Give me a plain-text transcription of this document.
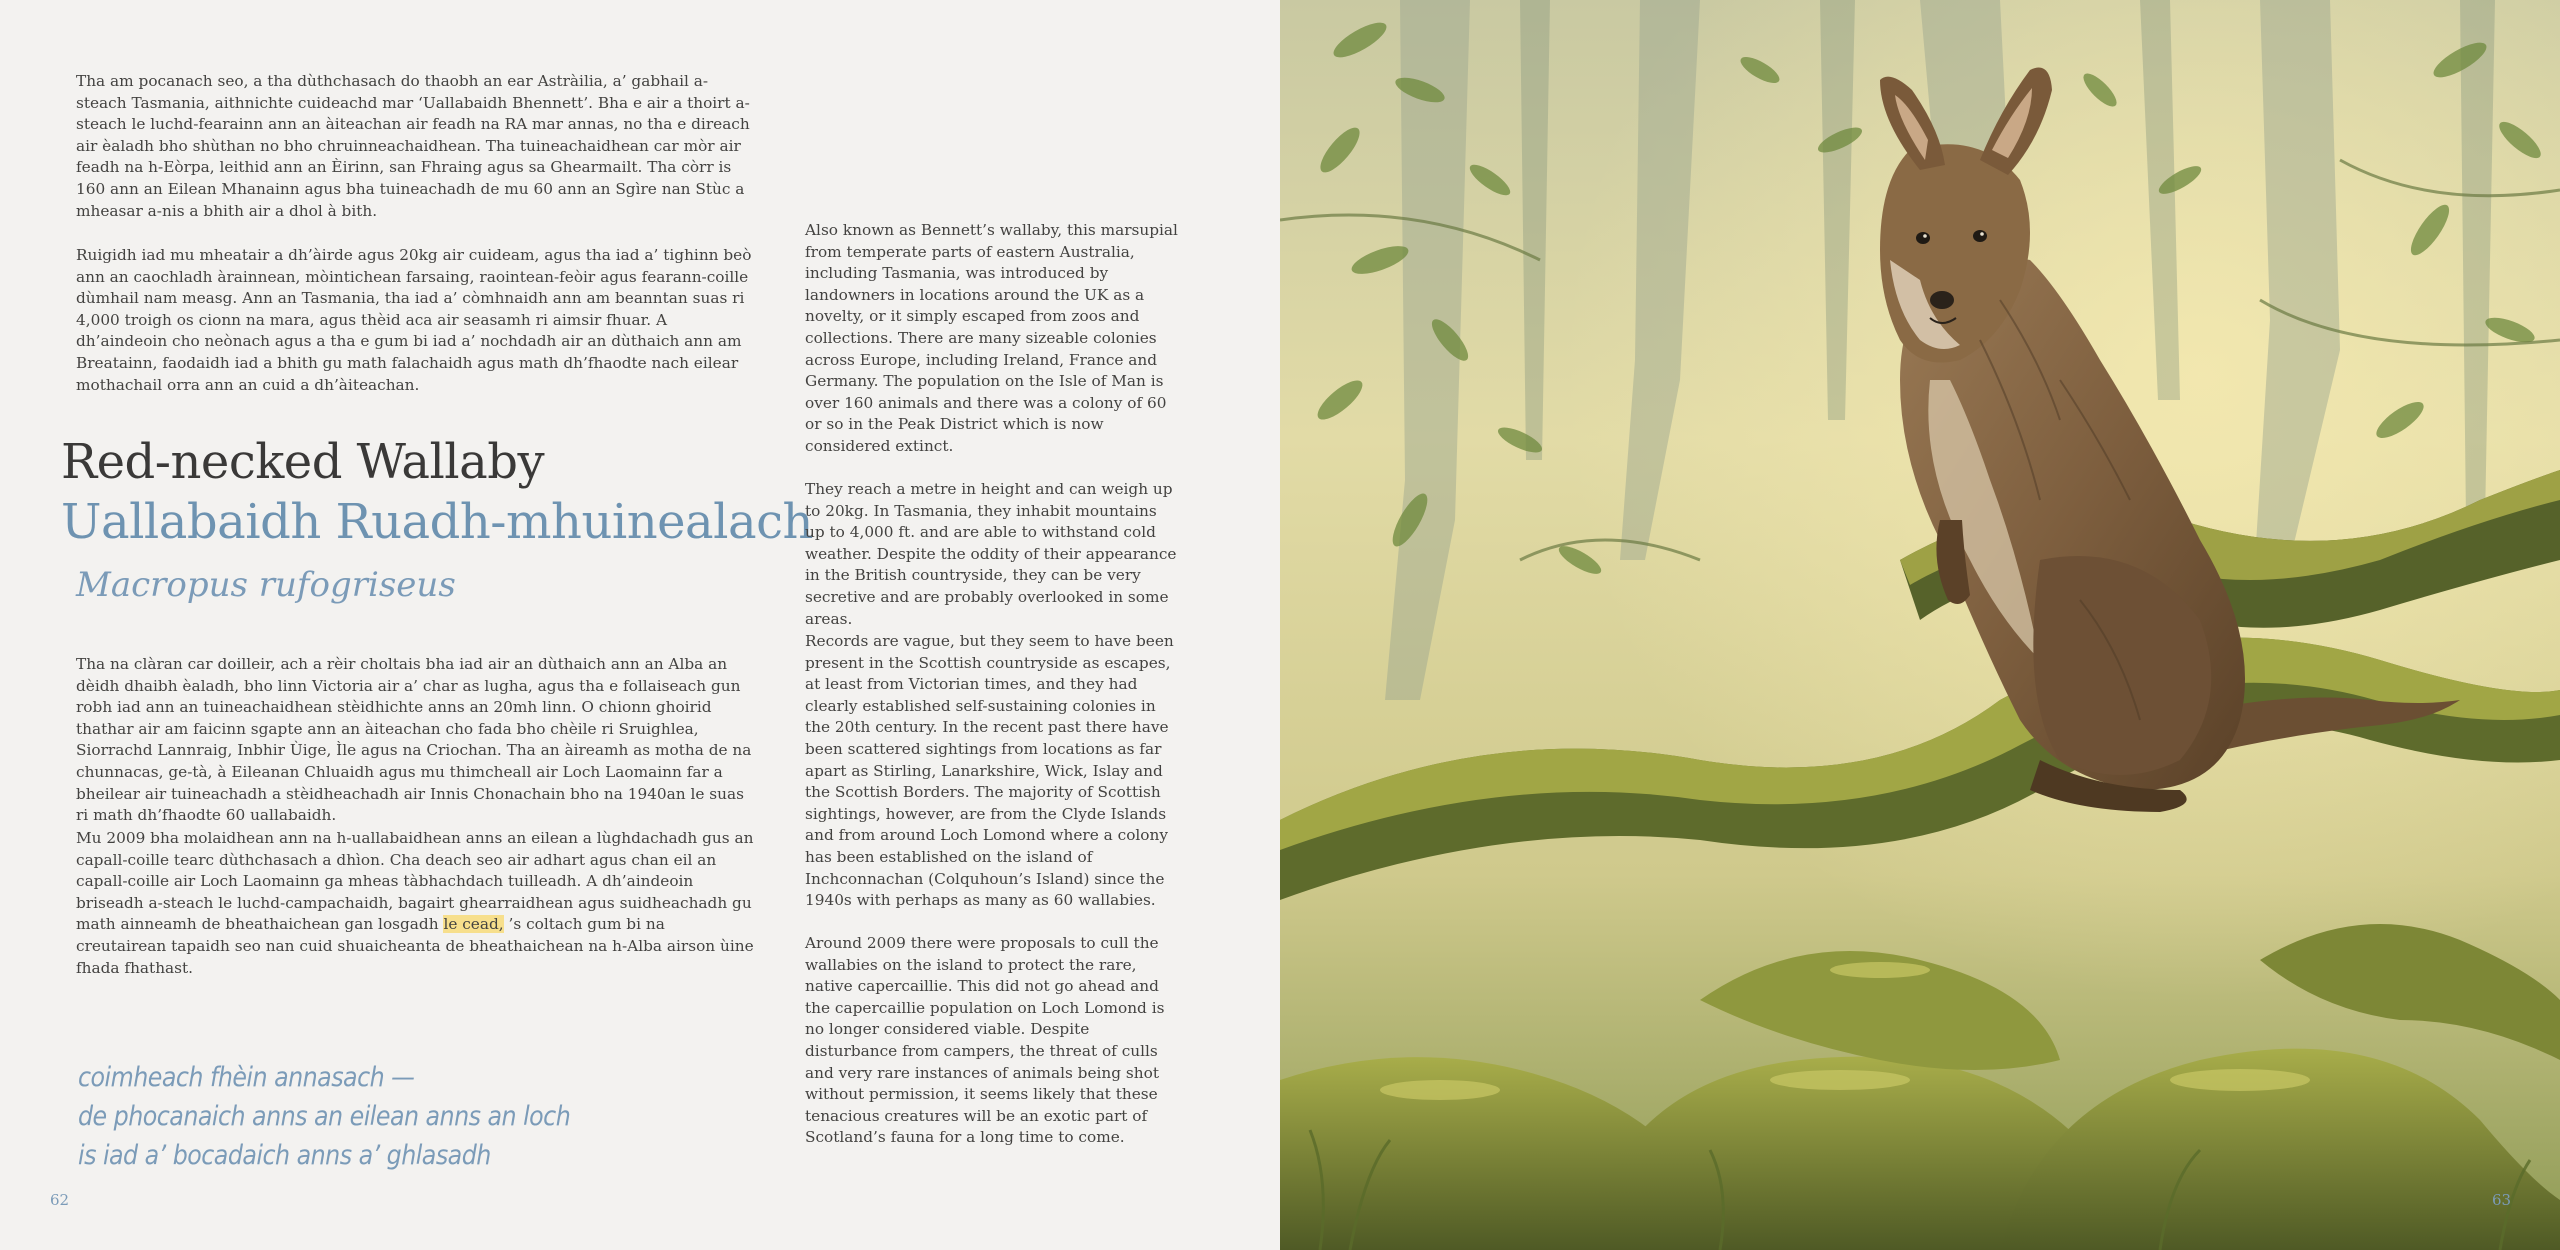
Tha am pocanach seo, a tha dùthchasach do thaobh an ear Astràilia, a’ gabhail a-steach Tasmania, aithnichte cuideachd mar ‘Uallabaidh Bhennett’. Bha e air a thoirt a-steach le luchd-fearainn ann an àiteachan air feadh na RA mar annas, no tha e direach air èaladh bho shùthan no bho chruinneachaidhean. Tha tuineachaidhean car mòr air feadh na h-Eòrpa, leithid ann an Èirinn, san Fhraing agus sa Ghearmailt. Tha còrr is 160 ann an Eilean Mhanainn agus bha tuineachadh de mu 60 ann an Sgìre nan Stùc a mheasar a-nis a bhith air a dhol à bith.

Ruigidh iad mu mheatair a dh’àirde agus 20kg air cuideam, agus tha iad a’ tighinn beò ann an caochladh àrainnean, mòintichean farsaing, raointean-feòir agus fearann-coille dùmhail nam measg. Ann an Tasmania, tha iad a’ còmhnaidh ann am beanntan suas ri 4,000 troigh os cionn na mara, agus thèid aca air seasamh ri aimsir fhuar. A dh’aindeoin cho neònach agus a tha e gum bi iad a’ nochdadh air an dùthaich ann am Breatainn, faodaidh iad a bhith gu math falachaidh agus math dh’fhaodte nach eilear mothachail orra ann an cuid a dh’àiteachan.

Red-necked Wallaby
Uallabaidh Ruadh-mhuinealach
Macropus rufogriseus

Tha na clàran car doilleir, ach a rèir choltais bha iad air an dùthaich ann an Alba an dèidh dhaibh èaladh, bho linn Victoria air a’ char as lugha, agus tha e follaiseach gun robh iad ann an tuineachaidhean stèidhichte anns an 20mh linn. O chionn ghoirid thathar air am faicinn sgapte ann an àiteachan cho fada bho chèile ri Sruighlea, Siorrachd Lannraig, Inbhir Ùige, Ìle agus na Criochan. Tha an àireamh as motha de na chunnacas, ge-tà, à Eileanan Chluaidh agus mu thimcheall air Loch Laomainn far a bheilear air tuineachadh a stèidheachadh air Innis Chonachain bho na 1940an le suas ri math dh’fhaodte 60 uallabaidh.

Mu 2009 bha molaidhean ann na h-uallabaidhean anns an eilean a lùghdachadh gus an capall-coille tearc dùthchasach a dhìon. Cha deach seo air adhart agus chan eil an capall-coille air Loch Laomainn ga mheas tàbhachdach tuilleadh. A dh’aindeoin briseadh a-steach le luchd-campachaidh, bagairt ghearraidhean agus suidheachadh gu math ainneamh de bheathaichean gan losgadh le cead, ’s coltach gum bi na creutairean tapaidh seo nan cuid shuaicheanta de bheathaichean na h-Alba airson ùine fhada fhathast.

coimheach fhèin annasach —
de phocanaich anns an eilean anns an loch
is iad a’ bocadaich anns a’ ghlasadh

Also known as Bennett’s wallaby, this marsupial from temperate parts of eastern Australia, including Tasmania, was introduced by landowners in locations around the UK as a novelty, or it simply escaped from zoos and collections. There are many sizeable colonies across Europe, including Ireland, France and Germany. The population on the Isle of Man is over 160 animals and there was a colony of 60 or so in the Peak District which is now considered extinct.

They reach a metre in height and can weigh up to 20kg. In Tasmania, they inhabit mountains up to 4,000 ft. and are able to withstand cold weather. Despite the oddity of their appearance in the British countryside, they can be very secretive and are probably overlooked in some areas.

Records are vague, but they seem to have been present in the Scottish countryside as escapes, at least from Victorian times, and they had clearly established self-sustaining colonies in the 20th century. In the recent past there have been scattered sightings from locations as far apart as Stirling, Lanarkshire, Wick, Islay and the Scottish Borders. The majority of Scottish sightings, however, are from the Clyde Islands and from around Loch Lomond where a colony has been established on the island of Inchconnachan (Colquhoun’s Island) since the 1940s with perhaps as many as 60 wallabies.

Around 2009 there were proposals to cull the wallabies on the island to protect the rare, native capercaillie. This did not go ahead and the capercaillie population on Loch Lomond is no longer considered viable. Despite disturbance from campers, the threat of culls and very rare instances of animals being shot without permission, it seems likely that these tenacious creatures will be an exotic part of Scotland’s fauna for a long time to come.

62	63
